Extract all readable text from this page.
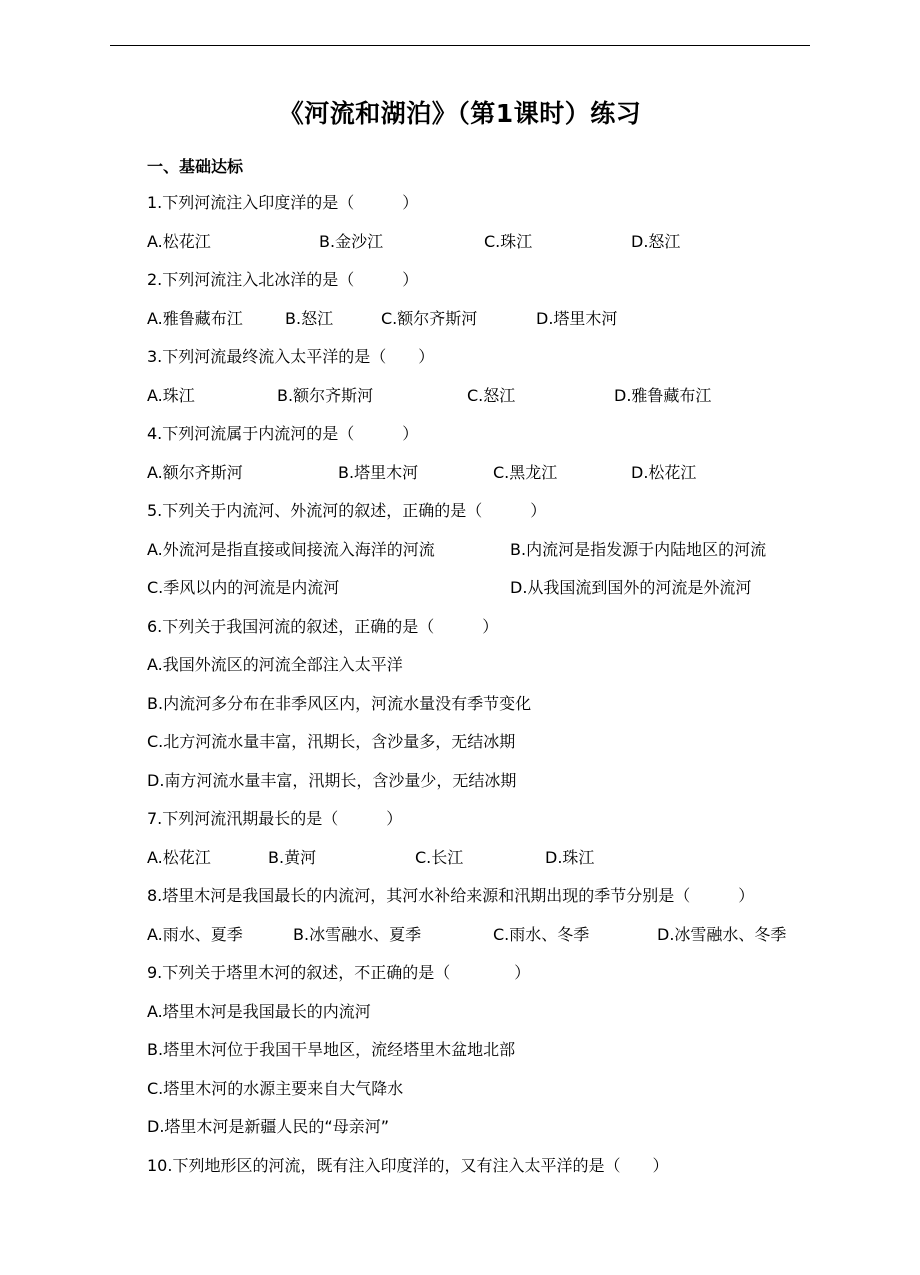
《河流和湖泊》（第1课时）练习
一、基础达标
1.下列河流注入印度洋的是（　　　）
A.松花江	B.金沙江	C.珠江	D.怒江
2.下列河流注入北冰洋的是（　　　）
A.雅鲁藏布江	B.怒江	C.额尔齐斯河	D.塔里木河
3.下列河流最终流入太平洋的是（　　）
A.珠江	B.额尔齐斯河	C.怒江	D.雅鲁藏布江
4.下列河流属于内流河的是（　　　）
A.额尔齐斯河	B.塔里木河	C.黑龙江	D.松花江
5.下列关于内流河、外流河的叙述，正确的是（　　　）
A.外流河是指直接或间接流入海洋的河流	B.内流河是指发源于内陆地区的河流
C.季风以内的河流是内流河	D.从我国流到国外的河流是外流河
6.下列关于我国河流的叙述，正确的是（　　　）
A.我国外流区的河流全部注入太平洋
B.内流河多分布在非季风区内，河流水量没有季节变化
C.北方河流水量丰富，汛期长，含沙量多，无结冰期
D.南方河流水量丰富，汛期长，含沙量少，无结冰期
7.下列河流汛期最长的是（　　　）
A.松花江	B.黄河	C.长江	D.珠江
8.塔里木河是我国最长的内流河，其河水补给来源和汛期出现的季节分别是（　　　）
A.雨水、夏季	B.冰雪融水、夏季	C.雨水、冬季	D.冰雪融水、冬季
9.下列关于塔里木河的叙述，不正确的是（　　　　）
A.塔里木河是我国最长的内流河
B.塔里木河位于我国干旱地区，流经塔里木盆地北部
C.塔里木河的水源主要来自大气降水
D.塔里木河是新疆人民的“母亲河”
10.下列地形区的河流，既有注入印度洋的，又有注入太平洋的是（　　）
